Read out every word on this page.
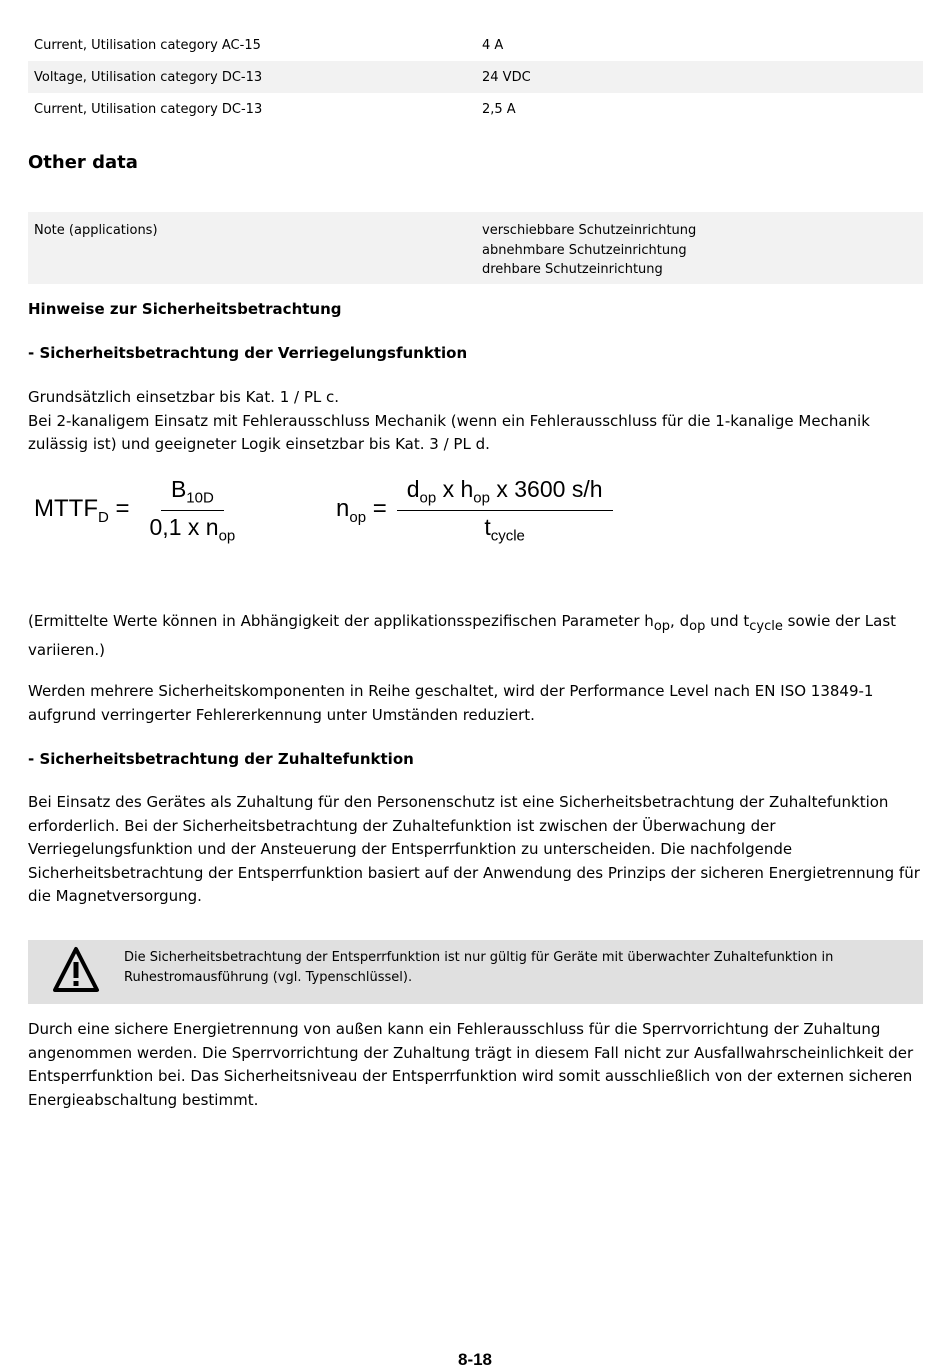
Current, Utilisation category AC-15	4 A
Voltage, Utilisation category DC-13	24 VDC
Current, Utilisation category DC-13	2,5 A
Other data
Note (applications)	verschiebbare Schutzeinrichtung
abnehmbare Schutzeinrichtung
drehbare Schutzeinrichtung
Hinweise zur Sicherheitsbetrachtung
- Sicherheitsbetrachtung der Verriegelungsfunktion
Grundsätzlich einsetzbar bis Kat. 1 / PL c.
Bei 2-kanaligem Einsatz mit Fehlerausschluss Mechanik (wenn ein Fehlerausschluss für die 1-kanalige Mechanik zulässig ist) und geeigneter Logik einsetzbar bis Kat. 3 / PL d.
$MTTF_D = \frac{B_{10D}}{0,1 x n_{op}}$	$n_{op} = \frac{d_{op} x h_{op} x 3600 s/h}{t_{cycle}}$
(Ermittelte Werte können in Abhängigkeit der applikationsspezifischen Parameter $h_{op}$, $d_{op}$ und $t_{cycle}$ sowie der Last variieren.)
Werden mehrere Sicherheitskomponenten in Reihe geschaltet, wird der Performance Level nach EN ISO 13849-1 aufgrund verringerter Fehlererkennung unter Umständen reduziert.
- Sicherheitsbetrachtung der Zuhaltefunktion
Bei Einsatz des Gerätes als Zuhaltung für den Personenschutz ist eine Sicherheitsbetrachtung der Zuhaltefunktion erforderlich. Bei der Sicherheitsbetrachtung der Zuhaltefunktion ist zwischen der Überwachung der Verriegelungsfunktion und der Ansteuerung der Entsperrfunktion zu unterscheiden. Die nachfolgende Sicherheitsbetrachtung der Entsperrfunktion basiert auf der Anwendung des Prinzips der sicheren Energietrennung für die Magnetversorgung.
Die Sicherheitsbetrachtung der Entsperrfunktion ist nur gültig für Geräte mit überwachter Zuhaltefunktion in Ruhestromausführung (vgl. Typenschlüssel).
Durch eine sichere Energietrennung von außen kann ein Fehlerausschluss für die Sperrvorrichtung der Zuhaltung angenommen werden. Die Sperrvorrichtung der Zuhaltung trägt in diesem Fall nicht zur Ausfallwahrscheinlichkeit der Entsperrfunktion bei. Das Sicherheitsniveau der Entsperrfunktion wird somit ausschließlich von der externen sicheren Energieabschaltung bestimmt.
8-18
